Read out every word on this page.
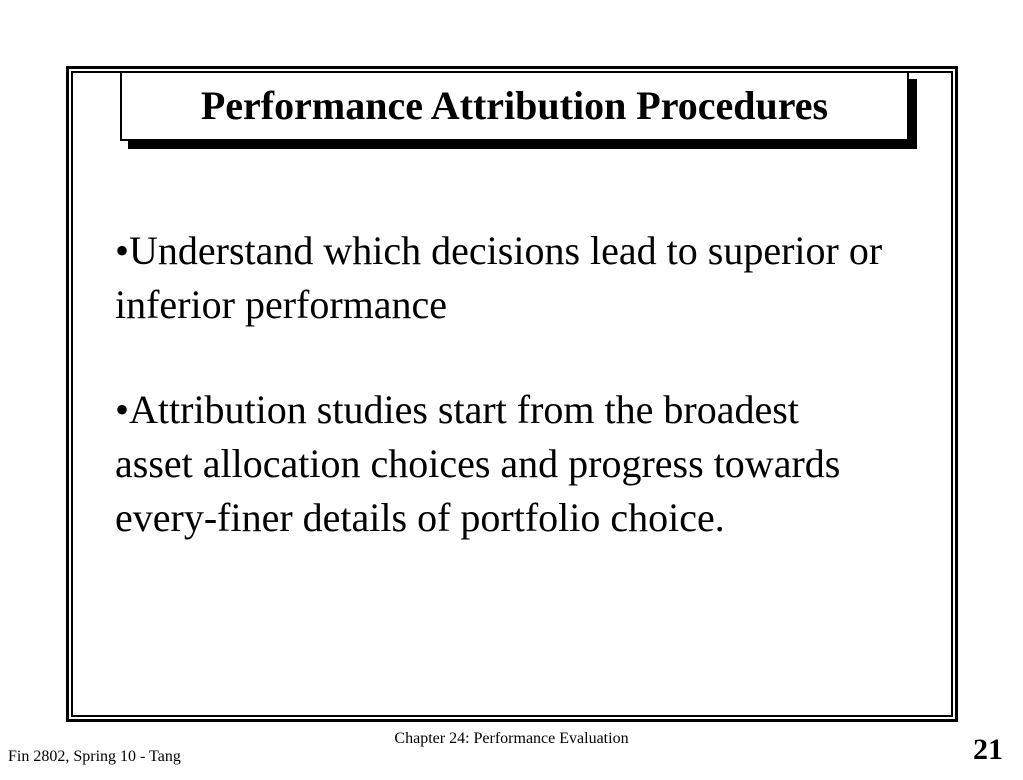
Performance Attribution Procedures

•Understand which decisions lead to superior or inferior performance

•Attribution studies start from the broadest asset allocation choices and progress towards every-finer details of portfolio choice.

Chapter 24: Performance Evaluation
Fin 2802, Spring 10 - Tang	21
